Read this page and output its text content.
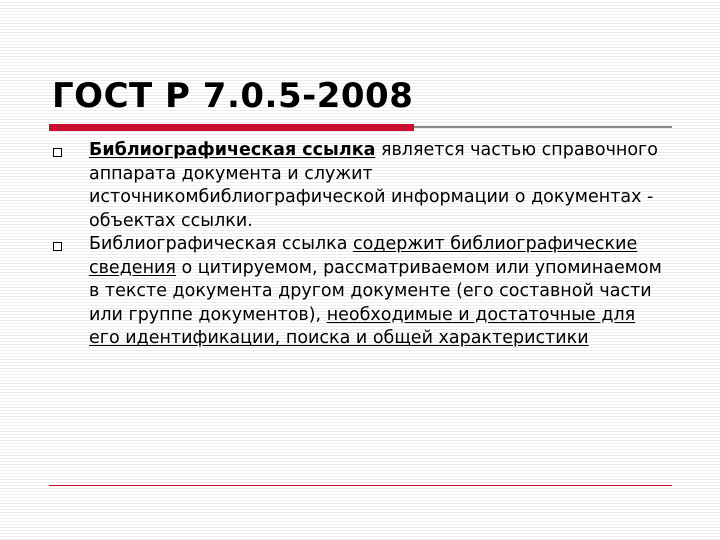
ГОСТ Р 7.0.5-2008
Библиографическая ссылка является частью справочного аппарата документа и служит источникомбиблиографической информации о документах - объектах ссылки.
Библиографическая ссылка содержит библиографические сведения о цитируемом, рассматриваемом или упоминаемом в тексте документа другом документе (его составной части или группе документов), необходимые и достаточные для его идентификации, поиска и общей характеристики
